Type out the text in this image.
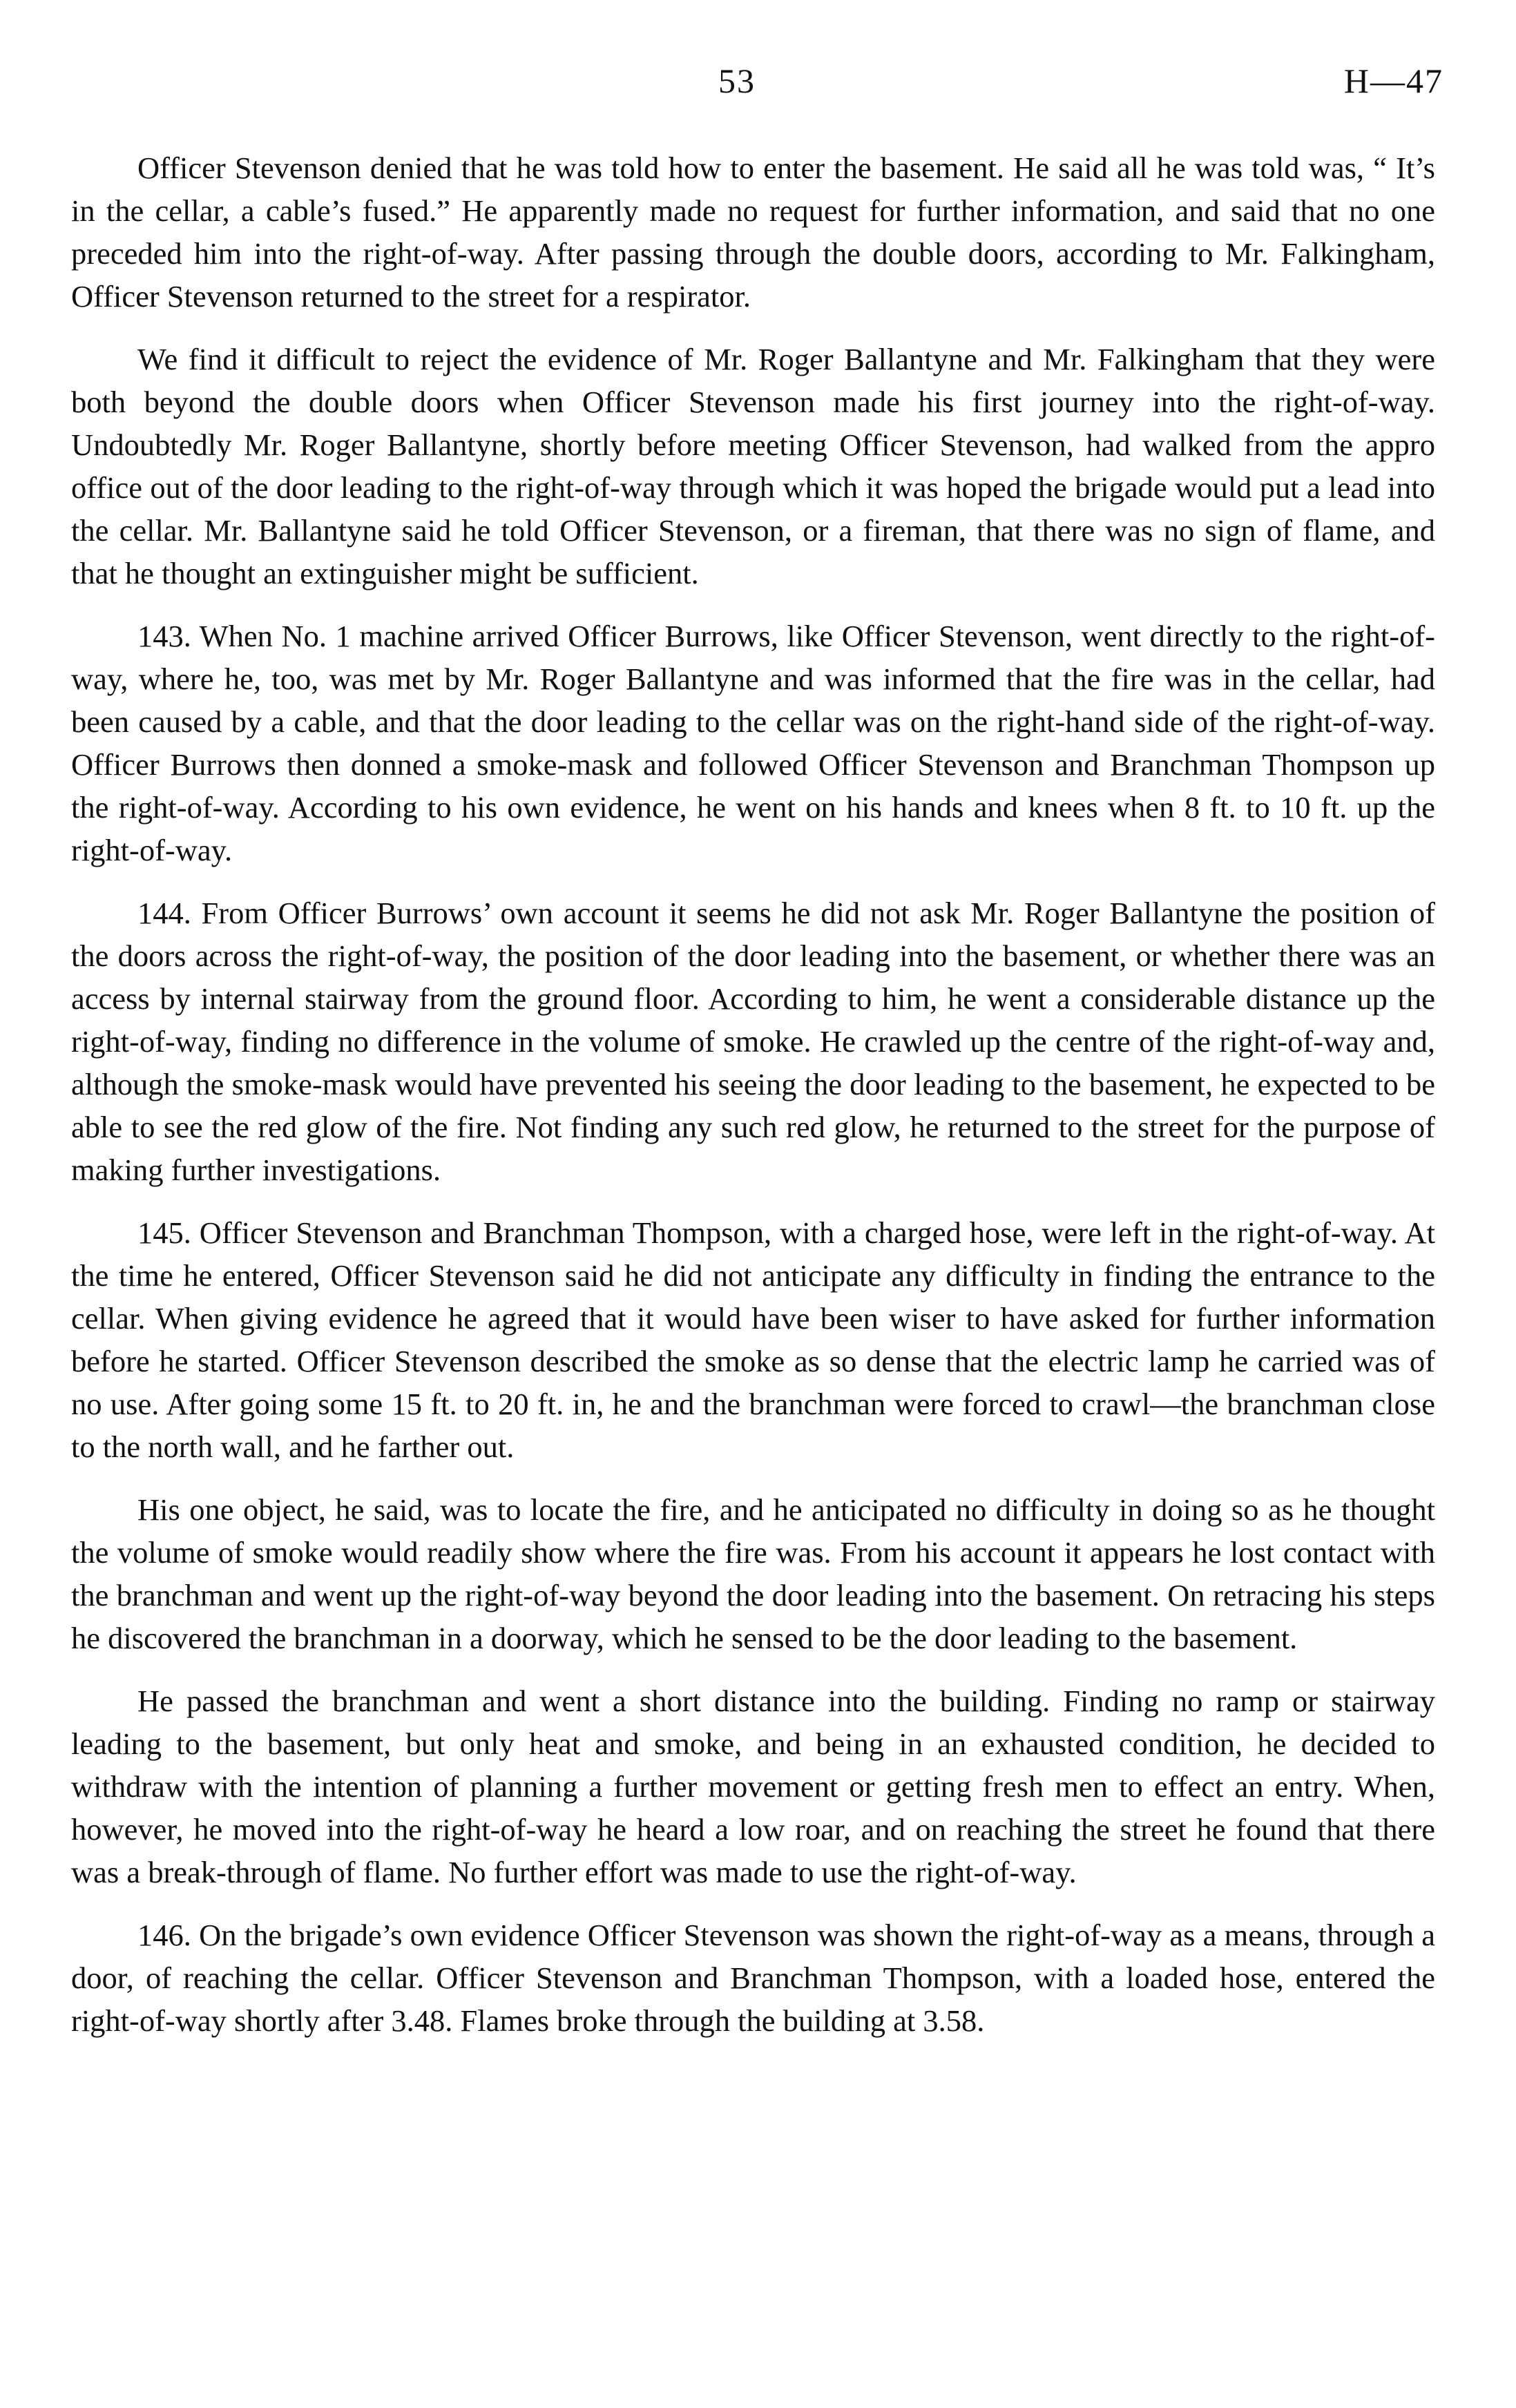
53	H—47

Officer Stevenson denied that he was told how to enter the basement. He said all he was told was, “ It’s in the cellar, a cable’s fused.” He apparently made no request for further information, and said that no one preceded him into the right-of-way. After passing through the double doors, according to Mr. Falkingham, Officer Stevenson returned to the street for a respirator.

We find it difficult to reject the evidence of Mr. Roger Ballantyne and Mr. Falkingham that they were both beyond the double doors when Officer Stevenson made his first journey into the right-of-way. Undoubtedly Mr. Roger Ballantyne, shortly before meeting Officer Stevenson, had walked from the appro office out of the door leading to the right-of-way through which it was hoped the brigade would put a lead into the cellar. Mr. Ballantyne said he told Officer Stevenson, or a fireman, that there was no sign of flame, and that he thought an extinguisher might be sufficient.

143. When No. 1 machine arrived Officer Burrows, like Officer Stevenson, went directly to the right-of-way, where he, too, was met by Mr. Roger Ballantyne and was informed that the fire was in the cellar, had been caused by a cable, and that the door leading to the cellar was on the right-hand side of the right-of-way. Officer Burrows then donned a smoke-mask and followed Officer Stevenson and Branchman Thompson up the right-of-way. According to his own evidence, he went on his hands and knees when 8 ft. to 10 ft. up the right-of-way.

144. From Officer Burrows’ own account it seems he did not ask Mr. Roger Ballantyne the position of the doors across the right-of-way, the position of the door leading into the basement, or whether there was an access by internal stairway from the ground floor. According to him, he went a considerable distance up the right-of-way, finding no difference in the volume of smoke. He crawled up the centre of the right-of-way and, although the smoke-mask would have prevented his seeing the door leading to the basement, he expected to be able to see the red glow of the fire. Not finding any such red glow, he returned to the street for the purpose of making further investigations.

145. Officer Stevenson and Branchman Thompson, with a charged hose, were left in the right-of-way. At the time he entered, Officer Stevenson said he did not anticipate any difficulty in finding the entrance to the cellar. When giving evidence he agreed that it would have been wiser to have asked for further information before he started. Officer Stevenson described the smoke as so dense that the electric lamp he carried was of no use. After going some 15 ft. to 20 ft. in, he and the branchman were forced to crawl—the branchman close to the north wall, and he farther out.

His one object, he said, was to locate the fire, and he anticipated no difficulty in doing so as he thought the volume of smoke would readily show where the fire was. From his account it appears he lost contact with the branchman and went up the right-of-way beyond the door leading into the basement. On retracing his steps he discovered the branchman in a doorway, which he sensed to be the door leading to the basement.

He passed the branchman and went a short distance into the building. Finding no ramp or stairway leading to the basement, but only heat and smoke, and being in an exhausted condition, he decided to withdraw with the intention of planning a further movement or getting fresh men to effect an entry. When, however, he moved into the right-of-way he heard a low roar, and on reaching the street he found that there was a break-through of flame. No further effort was made to use the right-of-way.

146. On the brigade’s own evidence Officer Stevenson was shown the right-of-way as a means, through a door, of reaching the cellar. Officer Stevenson and Branchman Thompson, with a loaded hose, entered the right-of-way shortly after 3.48. Flames broke through the building at 3.58.
